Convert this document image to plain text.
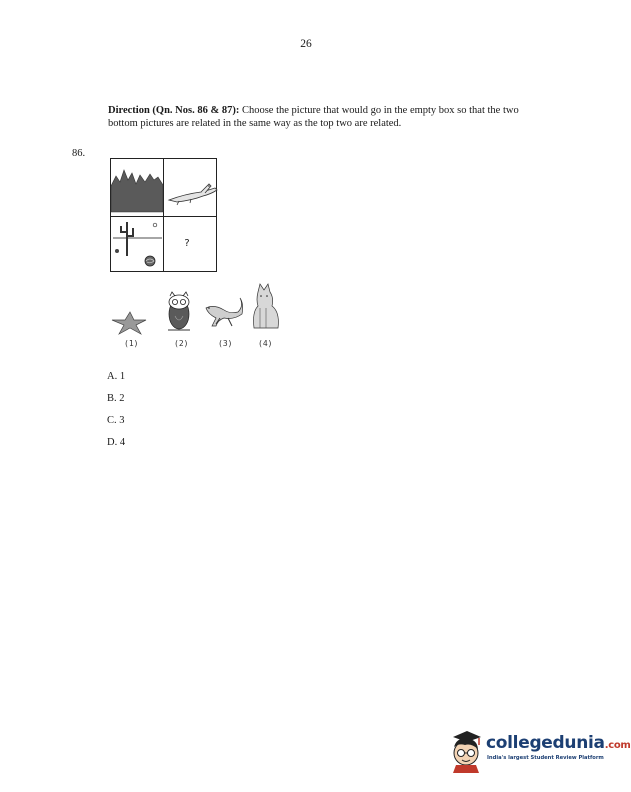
26
Direction (Qn. Nos. 86 & 87): Choose the picture that would go in the empty box so that the two bottom pictures are related in the same way as the top two are related.
86.
?
(1)	(2)	(3)	(4)
A. 1
B. 2
C. 3
D. 4
collegedunia.com
India's largest Student Review Platform
